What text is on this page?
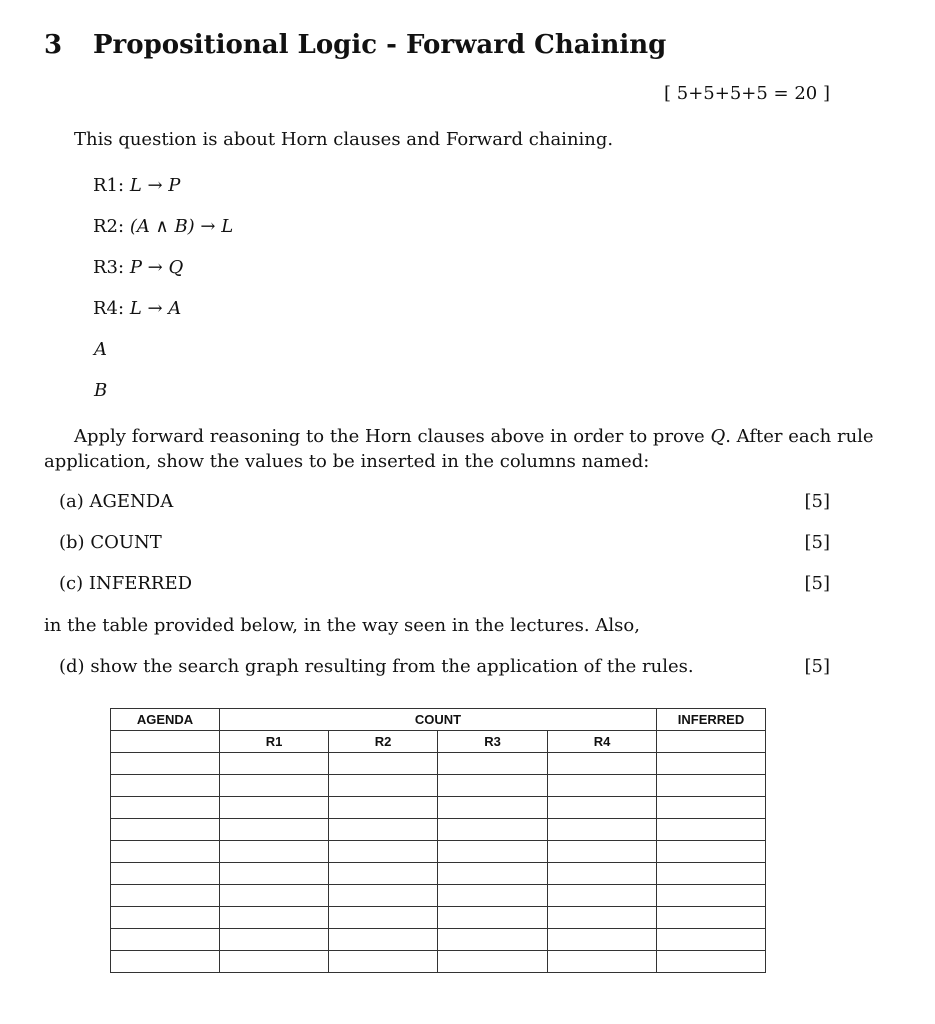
3 Propositional Logic - Forward Chaining
[ 5+5+5+5 = 20 ]
This question is about Horn clauses and Forward chaining.
R1: L → P
R2: (A ∧ B) → L
R3: P → Q
R4: L → A
A
B
Apply forward reasoning to the Horn clauses above in order to prove Q. After each rule
application, show the values to be inserted in the columns named:
(a) AGENDA	[5]
(b) COUNT	[5]
(c) INFERRED	[5]
in the table provided below, in the way seen in the lectures. Also,
(d) show the search graph resulting from the application of the rules.	[5]
AGENDA	COUNT				INFERRED
	R1	R2	R3	R4	
